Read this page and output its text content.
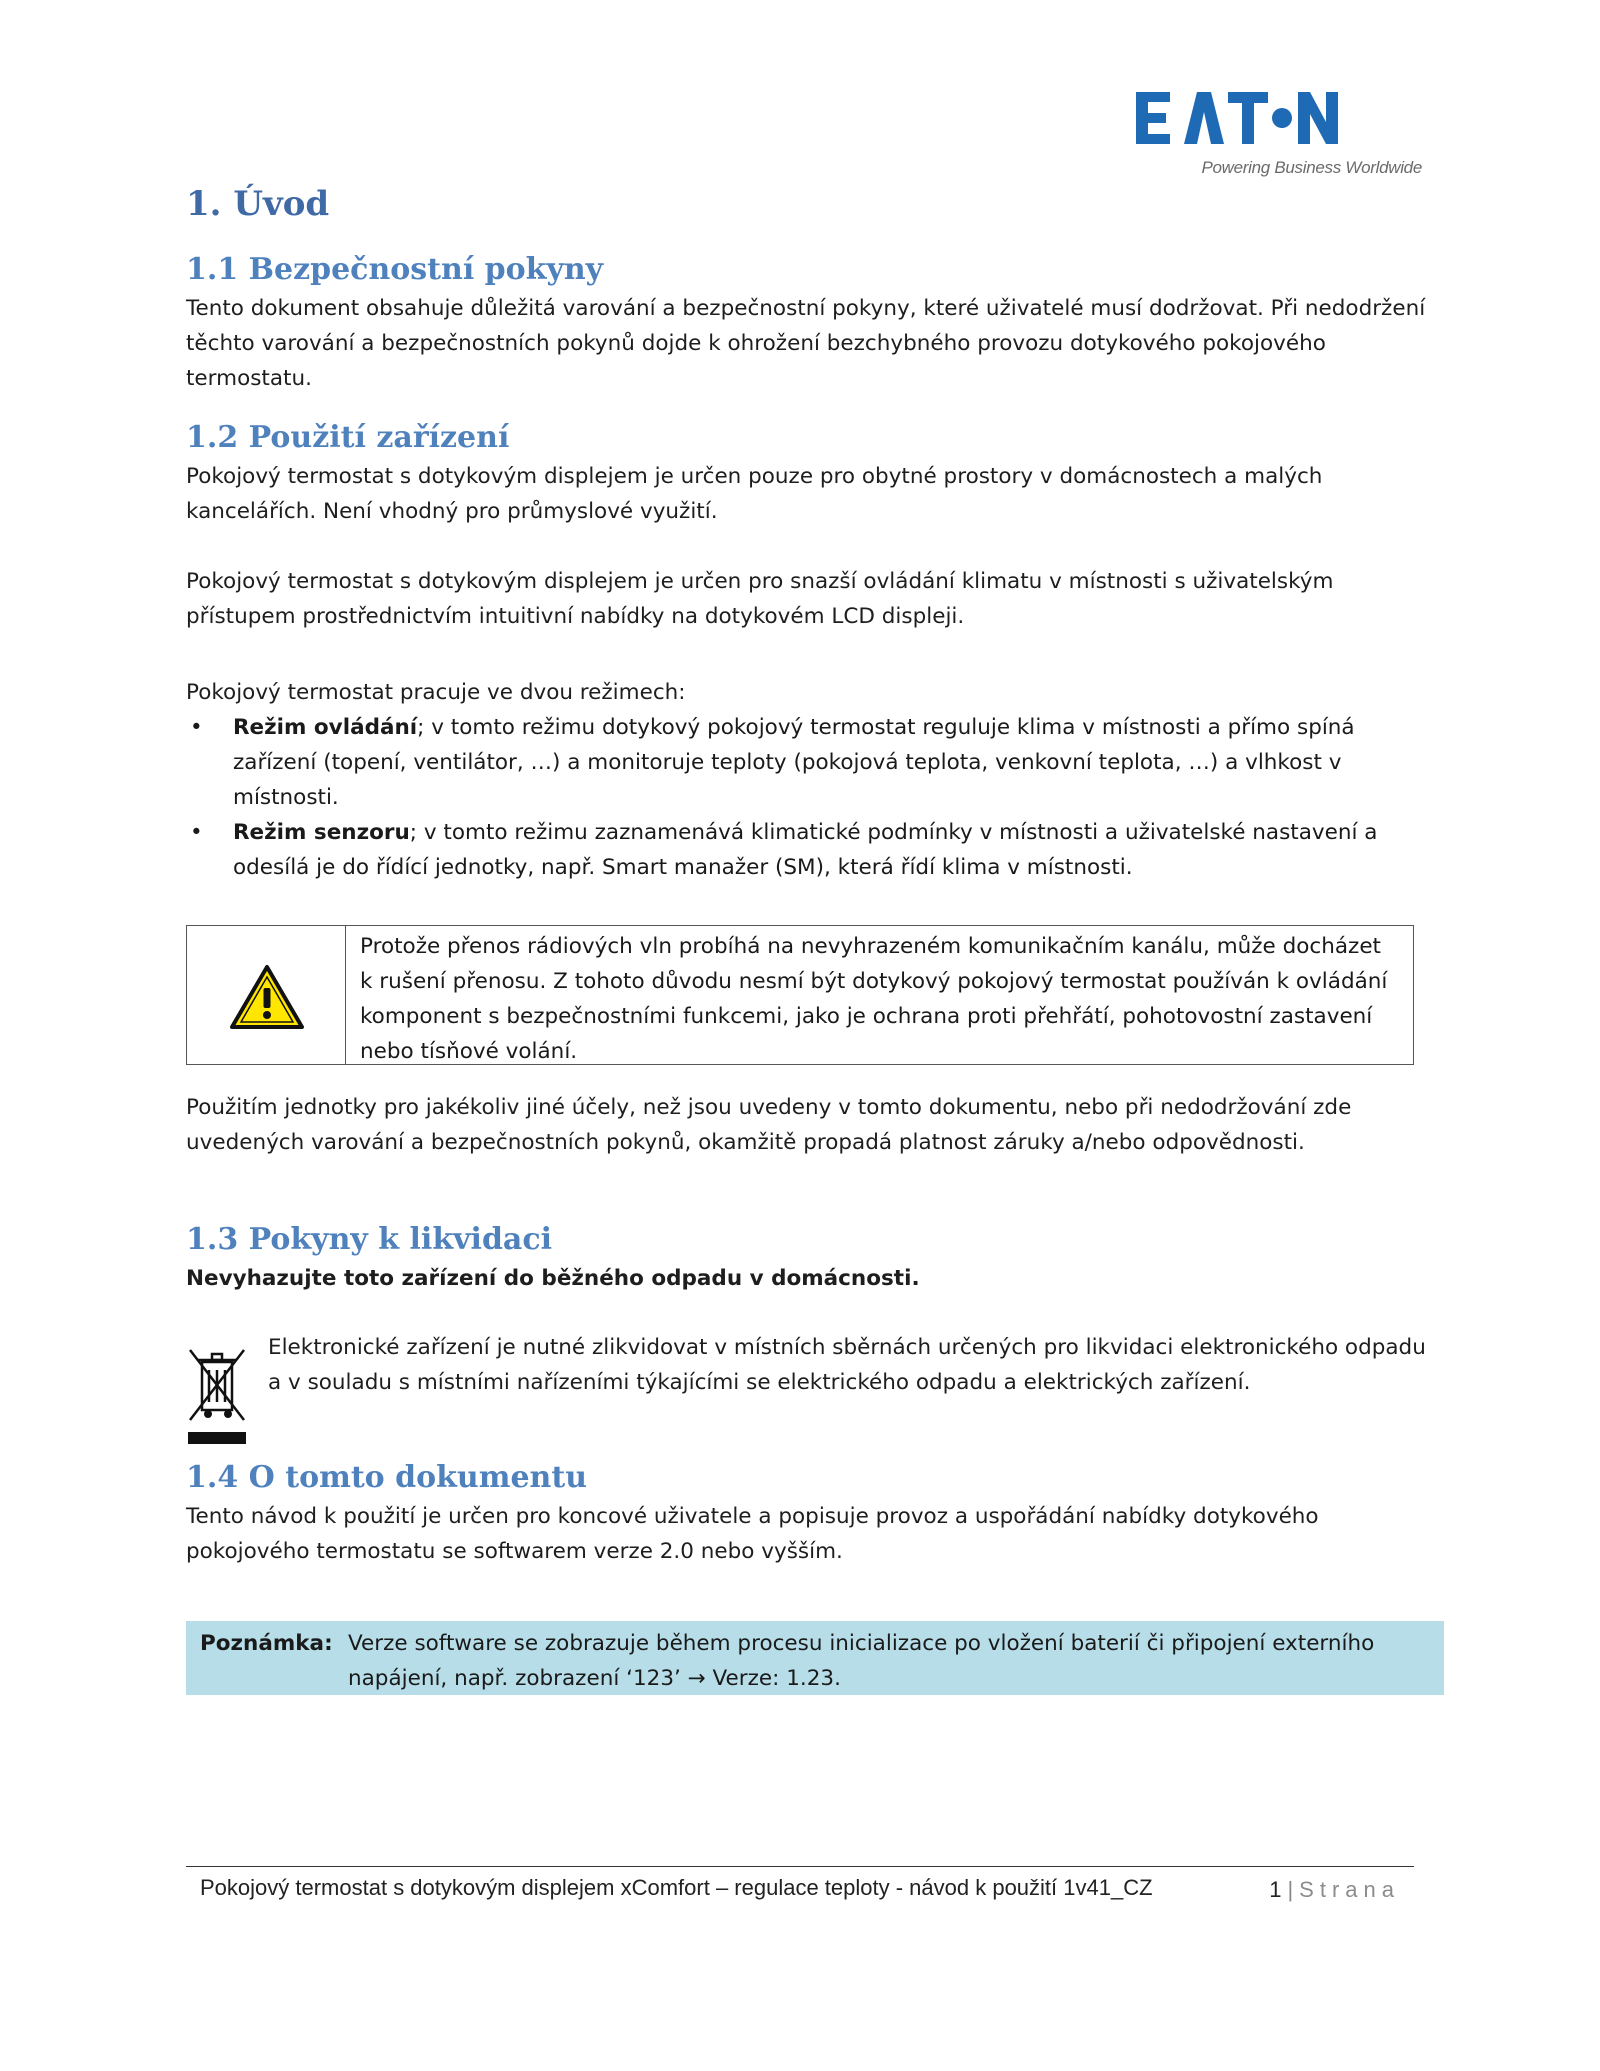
Powering Business Worldwide
1. Úvod
1.1 Bezpečnostní pokyny

Tento dokument obsahuje důležitá varování a bezpečnostní pokyny, které uživatelé musí dodržovat. Při nedodržení těchto varování a bezpečnostních pokynů dojde k ohrožení bezchybného provozu dotykového pokojového termostatu.

1.2 Použití zařízení

Pokojový termostat s dotykovým displejem je určen pouze pro obytné prostory v domácnostech a malých kancelářích. Není vhodný pro průmyslové využití.

Pokojový termostat s dotykovým displejem je určen pro snazší ovládání klimatu v místnosti s uživatelským přístupem prostřednictvím intuitivní nabídky na dotykovém LCD displeji.

Pokojový termostat pracuje ve dvou režimech:

• Režim ovládání; v tomto režimu dotykový pokojový termostat reguluje klima v místnosti a přímo spíná zařízení (topení, ventilátor, …) a monitoruje teploty (pokojová teplota, venkovní teplota, …) a vlhkost v místnosti.
• Režim senzoru; v tomto režimu zaznamenává klimatické podmínky v místnosti a uživatelské nastavení a odesílá je do řídící jednotky, např. Smart manažer (SM), která řídí klima v místnosti.
Protože přenos rádiových vln probíhá na nevyhrazeném komunikačním kanálu, může docházet k rušení přenosu. Z tohoto důvodu nesmí být dotykový pokojový termostat používán k ovládání komponent s bezpečnostními funkcemi, jako je ochrana proti přehřátí, pohotovostní zastavení nebo tísňové volání.

Použitím jednotky pro jakékoliv jiné účely, než jsou uvedeny v tomto dokumentu, nebo při nedodržování zde uvedených varování a bezpečnostních pokynů, okamžitě propadá platnost záruky a/nebo odpovědnosti.

1.3 Pokyny k likvidaci

Nevyhazujte toto zařízení do běžného odpadu v domácnosti.

Elektronické zařízení je nutné zlikvidovat v místních sběrnách určených pro likvidaci elektronického odpadu a v souladu s místními nařízeními týkajícími se elektrického odpadu a elektrických zařízení.

1.4 O tomto dokumentu

Tento návod k použití je určen pro koncové uživatele a popisuje provoz a uspořádání nabídky dotykového pokojového termostatu se softwarem verze 2.0 nebo vyšším.

Poznámka: Verze software se zobrazuje během procesu inicializace po vložení baterií či připojení externího napájení, např. zobrazení ‘123’ → Verze: 1.23.
Pokojový termostat s dotykovým displejem xComfort – regulace teploty - návod k použití 1v41_CZ	1 | Strana
